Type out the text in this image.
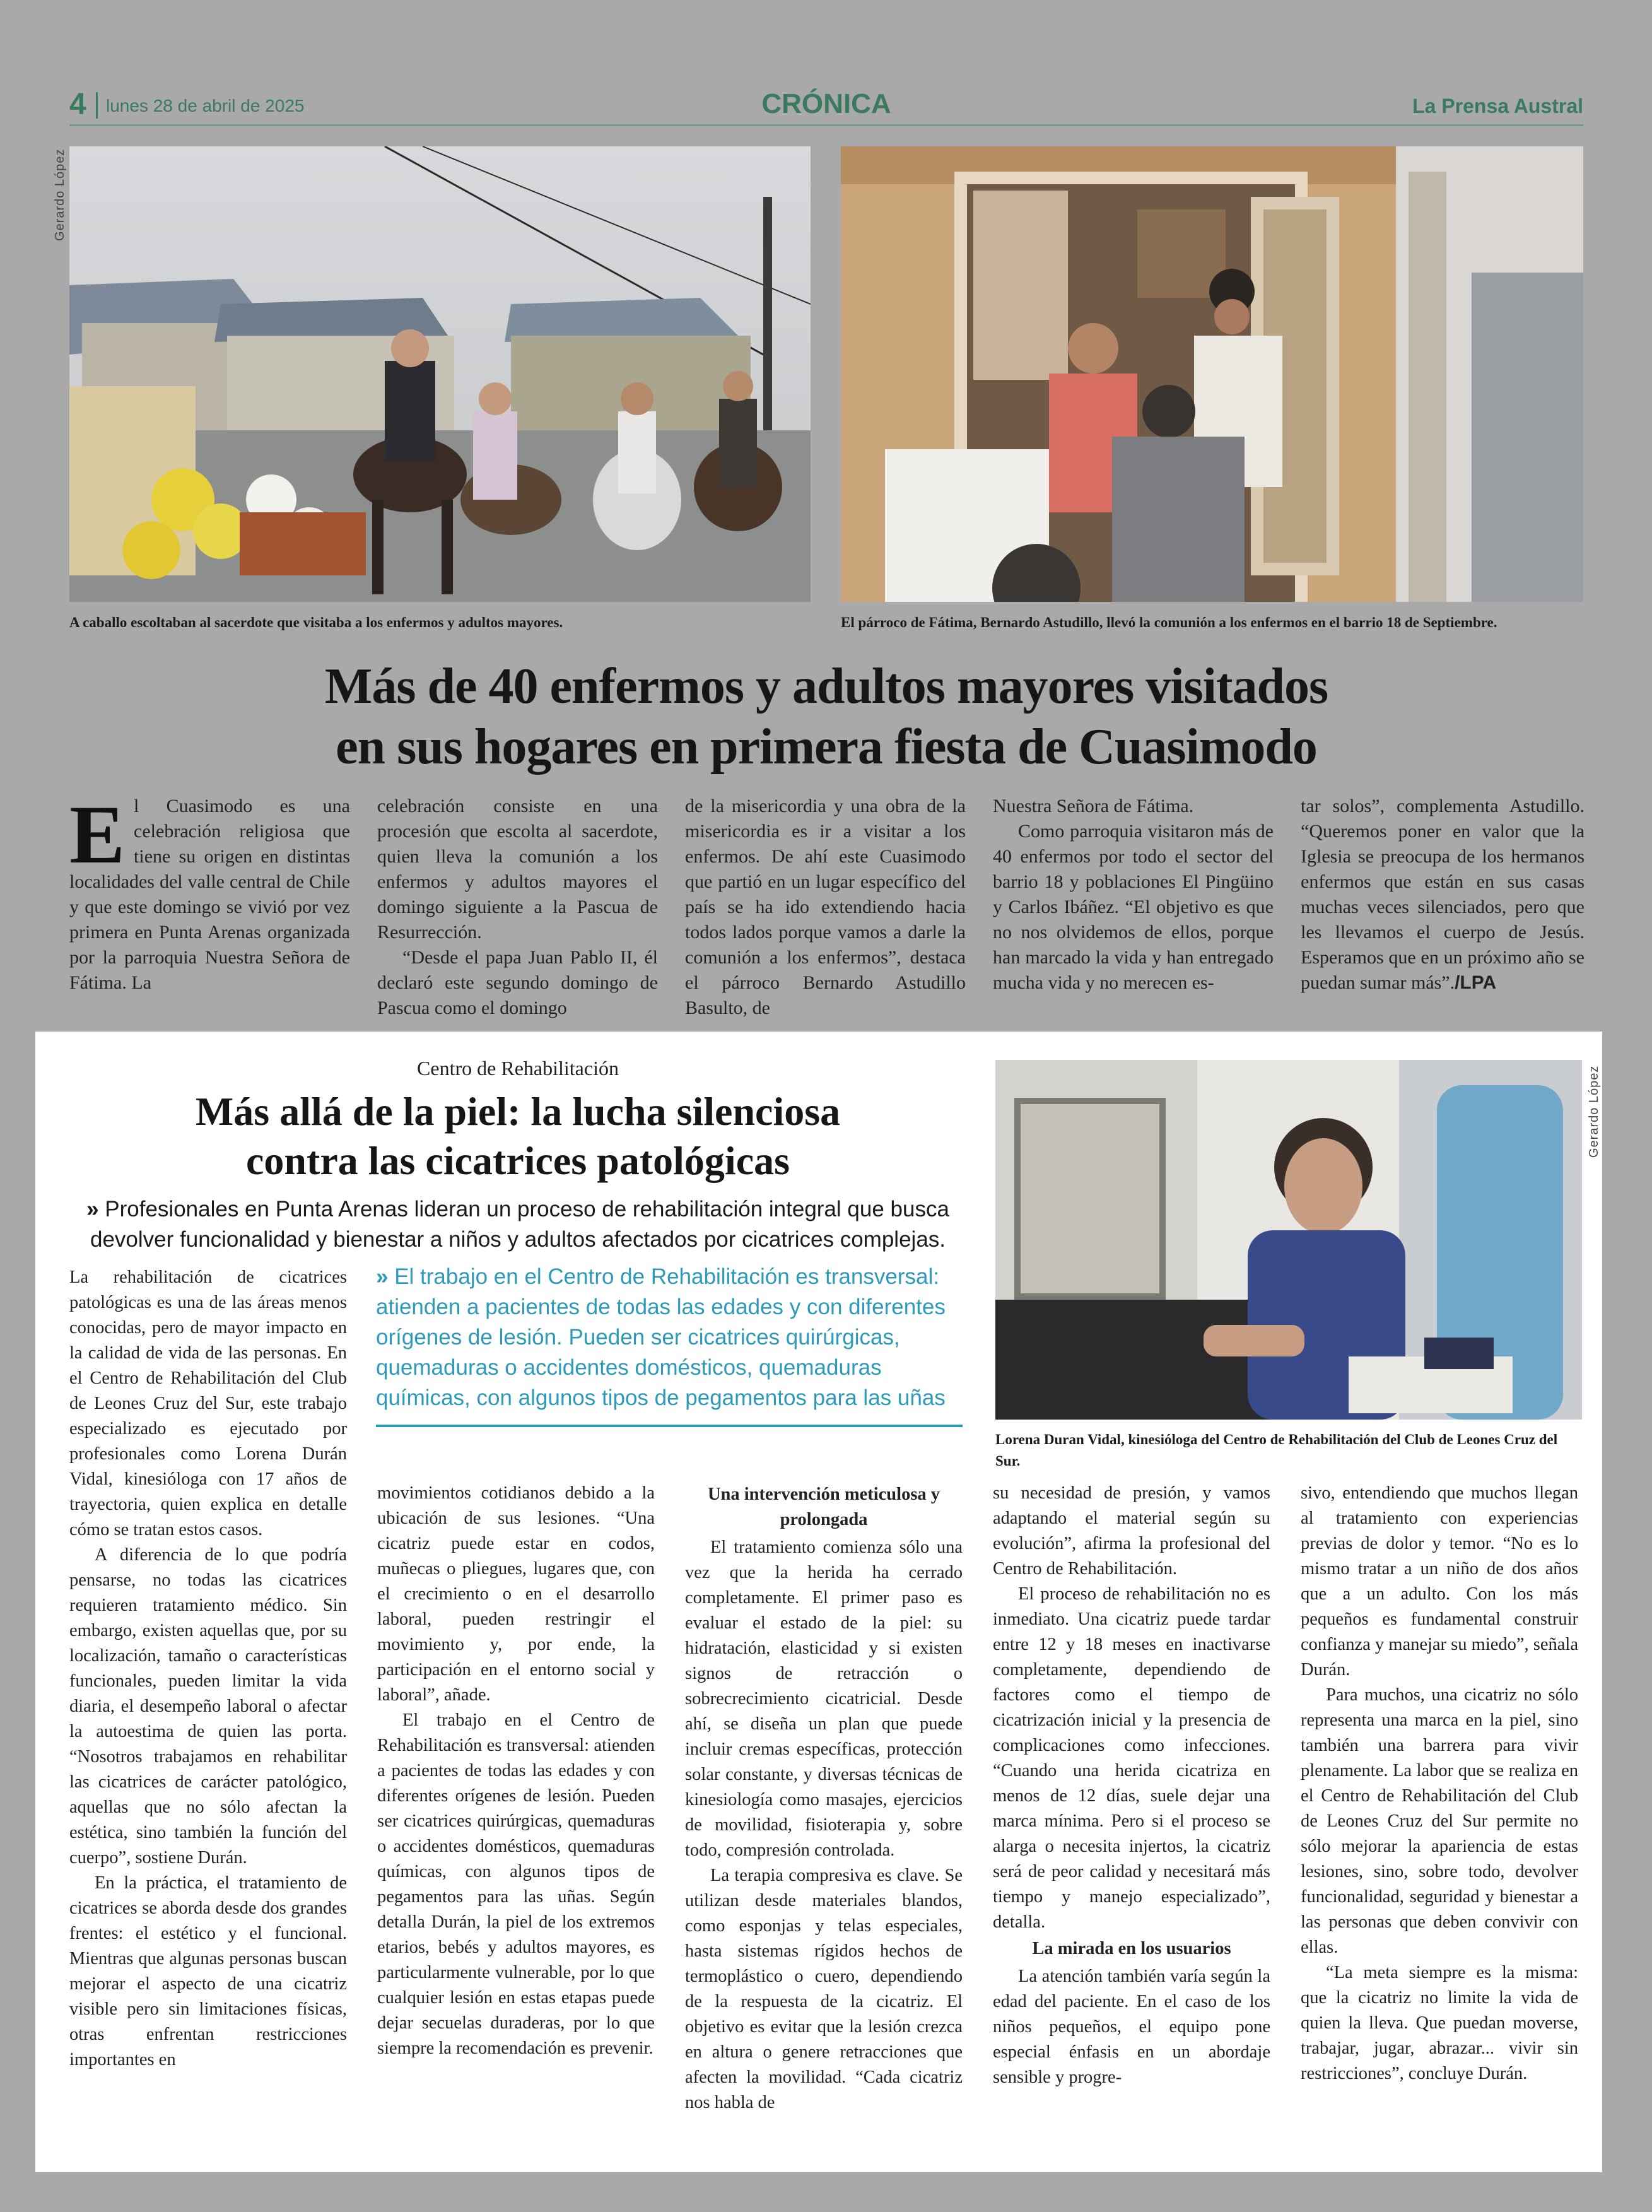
4 lunes 28 de abril de 2025	CRÓNICA	La Prensa Austral
Gerardo López
A caballo escoltaban al sacerdote que visitaba a los enfermos y adultos mayores.	El párroco de Fátima, Bernardo Astudillo, llevó la comunión a los enfermos en el barrio 18 de Septiembre.
Más de 40 enfermos y adultos mayores visitados
en sus hogares en primera fiesta de Cuasimodo
E l Cuasimodo es una celebración religiosa que tiene su origen en distintas localidades del valle central de Chile y que este domingo se vivió por vez primera en Punta Arenas organizada por la parroquia Nuestra Señora de Fátima. La

celebración consiste en una procesión que escolta al sacerdote, quien lleva la comunión a los enfermos y adultos mayores el domingo siguiente a la Pascua de Resurrección.

“Desde el papa Juan Pablo II, él declaró este segundo domingo de Pascua como el domingo

de la misericordia y una obra de la misericordia es ir a visitar a los enfermos. De ahí este Cuasimodo que partió en un lugar específico del país se ha ido extendiendo hacia todos lados porque vamos a darle la comunión a los enfermos”, destaca el párroco Bernardo Astudillo Basulto, de

Nuestra Señora de Fátima.

Como parroquia visitaron más de 40 enfermos por todo el sector del barrio 18 y poblaciones El Pingüino y Carlos Ibáñez. “El objetivo es que no nos olvidemos de ellos, porque han marcado la vida y han entregado mucha vida y no merecen es-

tar solos”, complementa Astudillo. “Queremos poner en valor que la Iglesia se preocupa de los hermanos enfermos que están en sus casas muchas veces silenciados, pero que les llevamos el cuerpo de Jesús. Esperamos que en un próximo año se puedan sumar más”./LPA

Centro de Rehabilitación
Más allá de la piel: la lucha silenciosa
contra las cicatrices patológicas
» Profesionales en Punta Arenas lideran un proceso de rehabilitación integral que busca devolver funcionalidad y bienestar a niños y adultos afectados por cicatrices complejas.
Gerardo López
Lorena Duran Vidal, kinesióloga del Centro de Rehabilitación del Club de Leones Cruz del Sur.
» El trabajo en el Centro de Rehabilitación es transversal: atienden a pacientes de todas las edades y con diferentes orígenes de lesión. Pueden ser cicatrices quirúrgicas, quemaduras o accidentes domésticos, quemaduras químicas, con algunos tipos de pegamentos para las uñas

La rehabilitación de cicatrices patológicas es una de las áreas menos conocidas, pero de mayor impacto en la calidad de vida de las personas. En el Centro de Rehabilitación del Club de Leones Cruz del Sur, este trabajo especializado es ejecutado por profesionales como Lorena Durán Vidal, kinesióloga con 17 años de trayectoria, quien explica en detalle cómo se tratan estos casos.

A diferencia de lo que podría pensarse, no todas las cicatrices requieren tratamiento médico. Sin embargo, existen aquellas que, por su localización, tamaño o características funcionales, pueden limitar la vida diaria, el desempeño laboral o afectar la autoestima de quien las porta. “Nosotros trabajamos en rehabilitar las cicatrices de carácter patológico, aquellas que no sólo afectan la estética, sino también la función del cuerpo”, sostiene Durán.

En la práctica, el tratamiento de cicatrices se aborda desde dos grandes frentes: el estético y el funcional. Mientras que algunas personas buscan mejorar el aspecto de una cicatriz visible pero sin limitaciones físicas, otras enfrentan restricciones importantes en

movimientos cotidianos debido a la ubicación de sus lesiones. “Una cicatriz puede estar en codos, muñecas o pliegues, lugares que, con el crecimiento o en el desarrollo laboral, pueden restringir el movimiento y, por ende, la participación en el entorno social y laboral”, añade.

El trabajo en el Centro de Rehabilitación es transversal: atienden a pacientes de todas las edades y con diferentes orígenes de lesión. Pueden ser cicatrices quirúrgicas, quemaduras o accidentes domésticos, quemaduras químicas, con algunos tipos de pegamentos para las uñas. Según detalla Durán, la piel de los extremos etarios, bebés y adultos mayores, es particularmente vulnerable, por lo que cualquier lesión en estas etapas puede dejar secuelas duraderas, por lo que siempre la recomendación es prevenir.

Una intervención meticulosa y prolongada

El tratamiento comienza sólo una vez que la herida ha cerrado completamente. El primer paso es evaluar el estado de la piel: su hidratación, elasticidad y si existen signos de retracción o sobrecrecimiento cicatricial. Desde ahí, se diseña un plan que puede incluir cremas específicas, protección solar constante, y diversas técnicas de kinesiología como masajes, ejercicios de movilidad, fisioterapia y, sobre todo, compresión controlada.

La terapia compresiva es clave. Se utilizan desde materiales blandos, como esponjas y telas especiales, hasta sistemas rígidos hechos de termoplástico o cuero, dependiendo de la respuesta de la cicatriz. El objetivo es evitar que la lesión crezca en altura o genere retracciones que afecten la movilidad. “Cada cicatriz nos habla de

su necesidad de presión, y vamos adaptando el material según su evolución”, afirma la profesional del Centro de Rehabilitación.

El proceso de rehabilitación no es inmediato. Una cicatriz puede tardar entre 12 y 18 meses en inactivarse completamente, dependiendo de factores como el tiempo de cicatrización inicial y la presencia de complicaciones como infecciones. “Cuando una herida cicatriza en menos de 12 días, suele dejar una marca mínima. Pero si el proceso se alarga o necesita injertos, la cicatriz será de peor calidad y necesitará más tiempo y manejo especializado”, detalla.

La mirada en los usuarios

La atención también varía según la edad del paciente. En el caso de los niños pequeños, el equipo pone especial énfasis en un abordaje sensible y progre-

sivo, entendiendo que muchos llegan al tratamiento con experiencias previas de dolor y temor. “No es lo mismo tratar a un niño de dos años que a un adulto. Con los más pequeños es fundamental construir confianza y manejar su miedo”, señala Durán.

Para muchos, una cicatriz no sólo representa una marca en la piel, sino también una barrera para vivir plenamente. La labor que se realiza en el Centro de Rehabilitación del Club de Leones Cruz del Sur permite no sólo mejorar la apariencia de estas lesiones, sino, sobre todo, devolver funcionalidad, seguridad y bienestar a las personas que deben convivir con ellas.

“La meta siempre es la misma: que la cicatriz no limite la vida de quien la lleva. Que puedan moverse, trabajar, jugar, abrazar... vivir sin restricciones”, concluye Durán.
